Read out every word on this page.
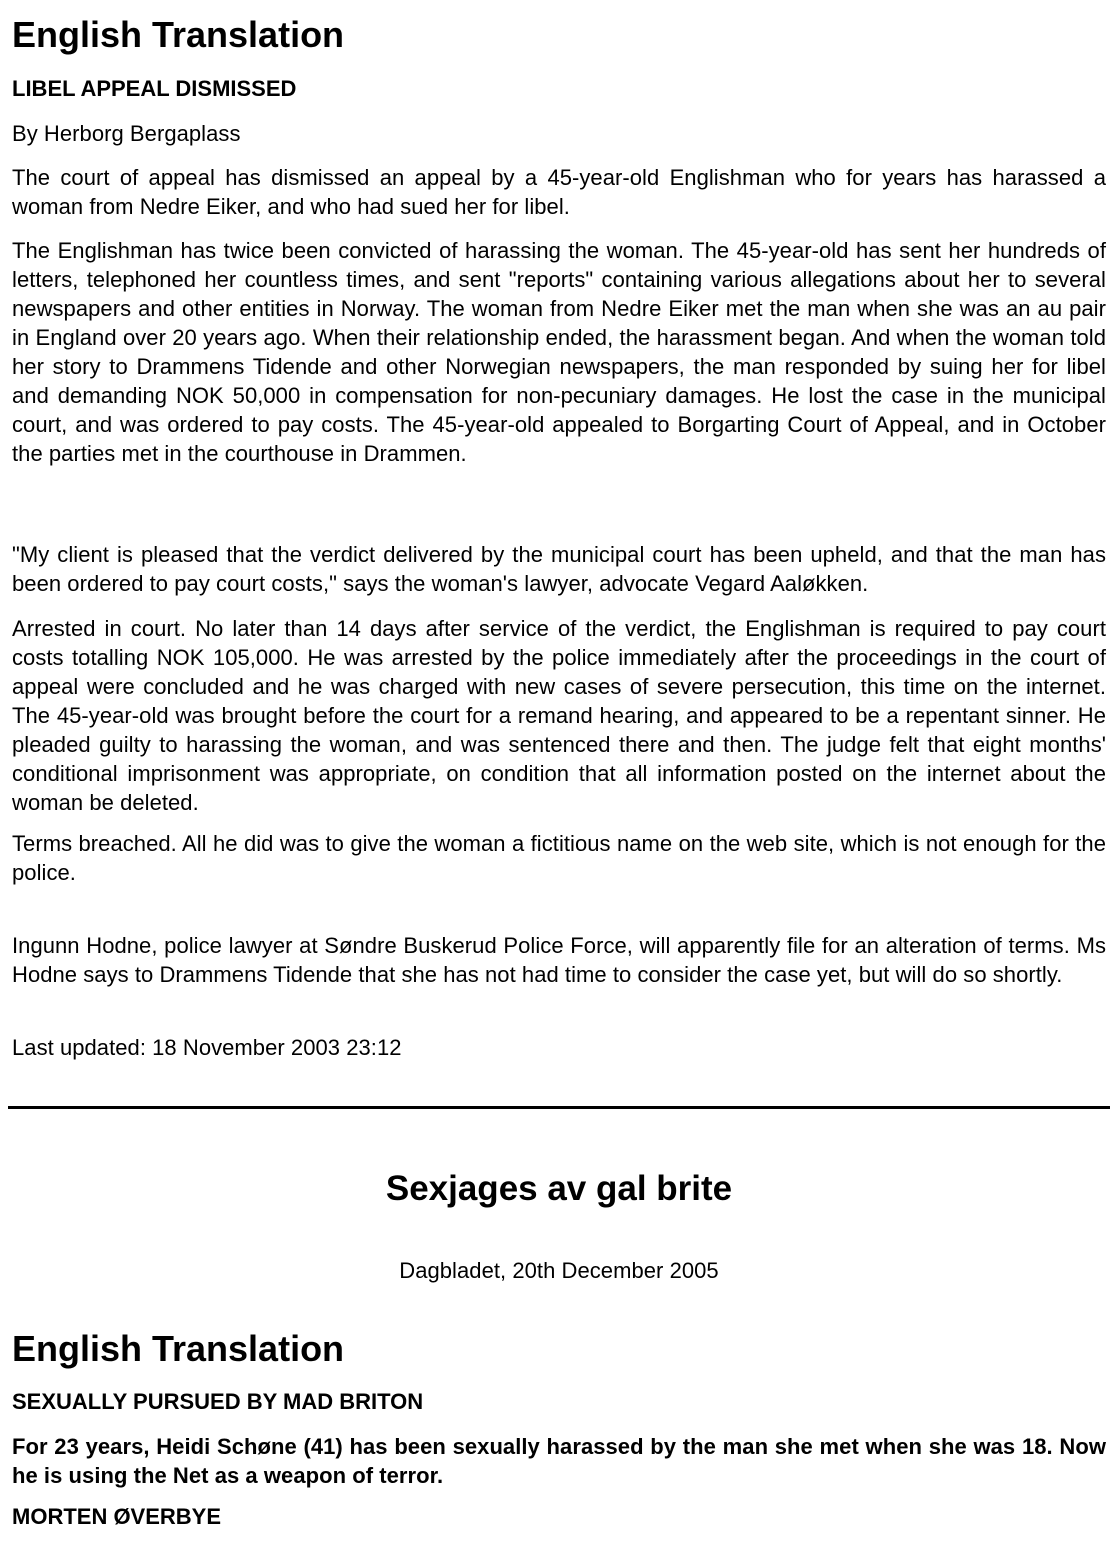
English Translation

LIBEL APPEAL DISMISSED

By Herborg Bergaplass

The court of appeal has dismissed an appeal by a 45-year-old Englishman who for years has harassed a woman from Nedre Eiker, and who had sued her for libel.

The Englishman has twice been convicted of harassing the woman. The 45-year-old has sent her hundreds of letters, telephoned her countless times, and sent "reports" containing various allegations about her to several newspapers and other entities in Norway. The woman from Nedre Eiker met the man when she was an au pair in England over 20 years ago. When their relationship ended, the harassment began. And when the woman told her story to Drammens Tidende and other Norwegian newspapers, the man responded by suing her for libel and demanding NOK 50,000 in compensation for non-pecuniary damages. He lost the case in the municipal court, and was ordered to pay costs. The 45-year-old appealed to Borgarting Court of Appeal, and in October the parties met in the courthouse in Drammen.

"My client is pleased that the verdict delivered by the municipal court has been upheld, and that the man has been ordered to pay court costs," says the woman's lawyer, advocate Vegard Aaløkken.

Arrested in court. No later than 14 days after service of the verdict, the Englishman is required to pay court costs totalling NOK 105,000. He was arrested by the police immediately after the proceedings in the court of appeal were concluded and he was charged with new cases of severe persecution, this time on the internet. The 45-year-old was brought before the court for a remand hearing, and appeared to be a repentant sinner. He pleaded guilty to harassing the woman, and was sentenced there and then. The judge felt that eight months' conditional imprisonment was appropriate, on condition that all information posted on the internet about the woman be deleted.

Terms breached. All he did was to give the woman a fictitious name on the web site, which is not enough for the police.

Ingunn Hodne, police lawyer at Søndre Buskerud Police Force, will apparently file for an alteration of terms. Ms Hodne says to Drammens Tidende that she has not had time to consider the case yet, but will do so shortly.

Last updated: 18 November 2003 23:12

Sexjages av gal brite

Dagbladet, 20th December 2005

English Translation

SEXUALLY PURSUED BY MAD BRITON

For 23 years, Heidi Schøne (41) has been sexually harassed by the man she met when she was 18. Now he is using the Net as a weapon of terror.

MORTEN ØVERBYE
